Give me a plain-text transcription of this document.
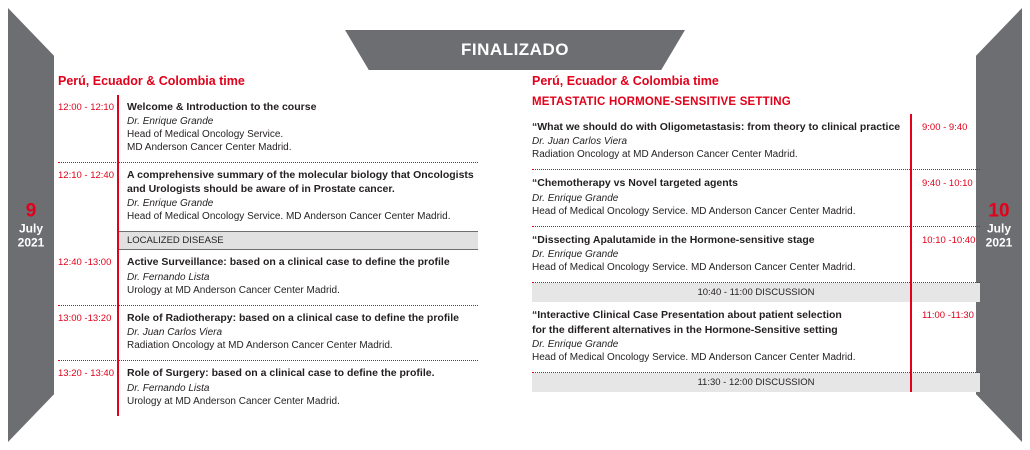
FINALIZADO
9
July
2021
10
July
2021
Perú, Ecuador & Colombia time
12:00 - 12:10 Welcome & Introduction to the course

Dr. Enrique Grande

Head of Medical Oncology Service.

MD Anderson Cancer Center Madrid.

12:10 - 12:40 A comprehensive summary of the molecular biology that Oncologists and Urologists should be aware of in Prostate cancer.

Dr. Enrique Grande

Head of Medical Oncology Service. MD Anderson Cancer Center Madrid.

LOCALIZED DISEASE
12:40 -13:00	Active Surveillance: based on a clinical case to define the profile

Dr. Fernando Lista

Urology at MD Anderson Cancer Center Madrid.

13:00 -13:20	Role of Radiotherapy: based on a clinical case to define the profile

Dr. Juan Carlos Viera

Radiation Oncology at MD Anderson Cancer Center Madrid.

13:20 - 13:40 Role of Surgery: based on a clinical case to define the profile.

Dr. Fernando Lista

Urology at MD Anderson Cancer Center Madrid.

Perú, Ecuador & Colombia time
METASTATIC HORMONE-SENSITIVE SETTING

“What we should do with Oligometastasis: from theory to clinical practice

Dr. Juan Carlos Viera

Radiation Oncology at MD Anderson Cancer Center Madrid.

9:00 - 9:40

“Chemotherapy vs Novel targeted agents

Dr. Enrique Grande

Head of Medical Oncology Service. MD Anderson Cancer Center Madrid.

9:40 - 10:10

“Dissecting Apalutamide in the Hormone-sensitive stage

Dr. Enrique Grande

Head of Medical Oncology Service. MD Anderson Cancer Center Madrid.

10:10 -10:40
10:40 - 11:00 DISCUSSION

“Interactive Clinical Case Presentation about patient selection

for the different alternatives in the Hormone-Sensitive setting

Dr. Enrique Grande

Head of Medical Oncology Service. MD Anderson Cancer Center Madrid.

11:00 -11:30
11:30 - 12:00 DISCUSSION
